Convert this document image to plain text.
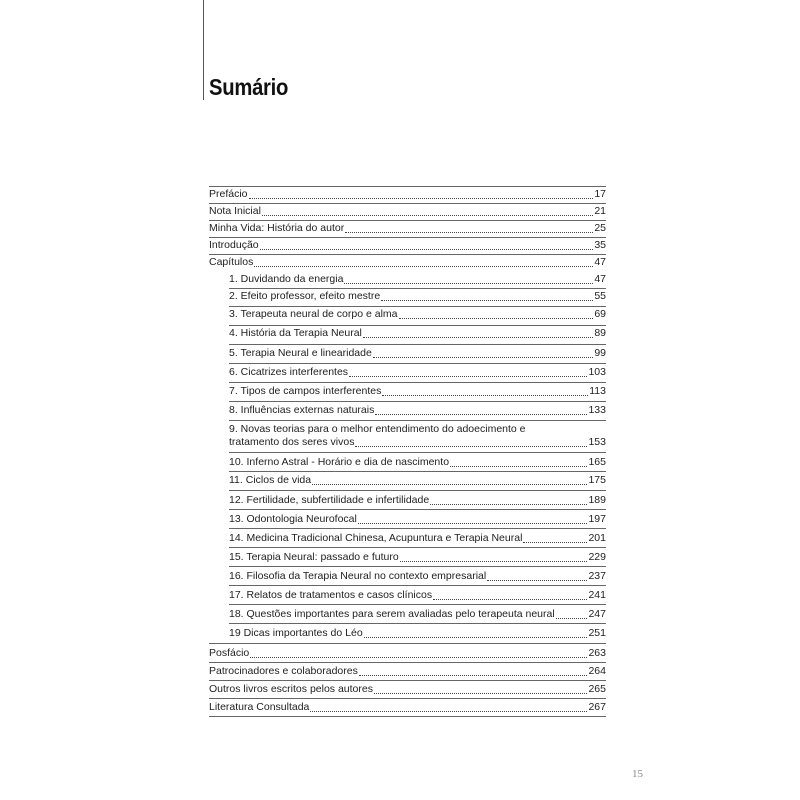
Sumário
Prefácio	17
Nota Inicial	21
Minha Vida: História do autor	25
Introdução	35
Capítulos	47
1. Duvidando da energia	47
2. Efeito professor, efeito mestre	55
3. Terapeuta neural de corpo e alma	69
4. História da Terapia Neural	89
5. Terapia Neural e linearidade	99
6. Cicatrizes interferentes	103
7. Tipos de campos interferentes	113
8. Influências externas naturais	133
9. Novas teorias para o melhor entendimento do adoecimento e
tratamento dos seres vivos	153
10. Inferno Astral - Horário e dia de nascimento	165
11. Ciclos de vida	175
12. Fertilidade, subfertilidade e infertilidade	189
13. Odontologia Neurofocal	197
14. Medicina Tradicional Chinesa, Acupuntura e Terapia Neural	201
15. Terapia Neural: passado e futuro	229
16. Filosofia da Terapia Neural no contexto empresarial	237
17. Relatos de tratamentos e casos clínicos	241
18. Questões importantes para serem avaliadas pelo terapeuta neural	247
19 Dicas importantes do Léo	251
Posfácio	263
Patrocinadores e colaboradores	264
Outros livros escritos pelos autores	265
Literatura Consultada	267
15
